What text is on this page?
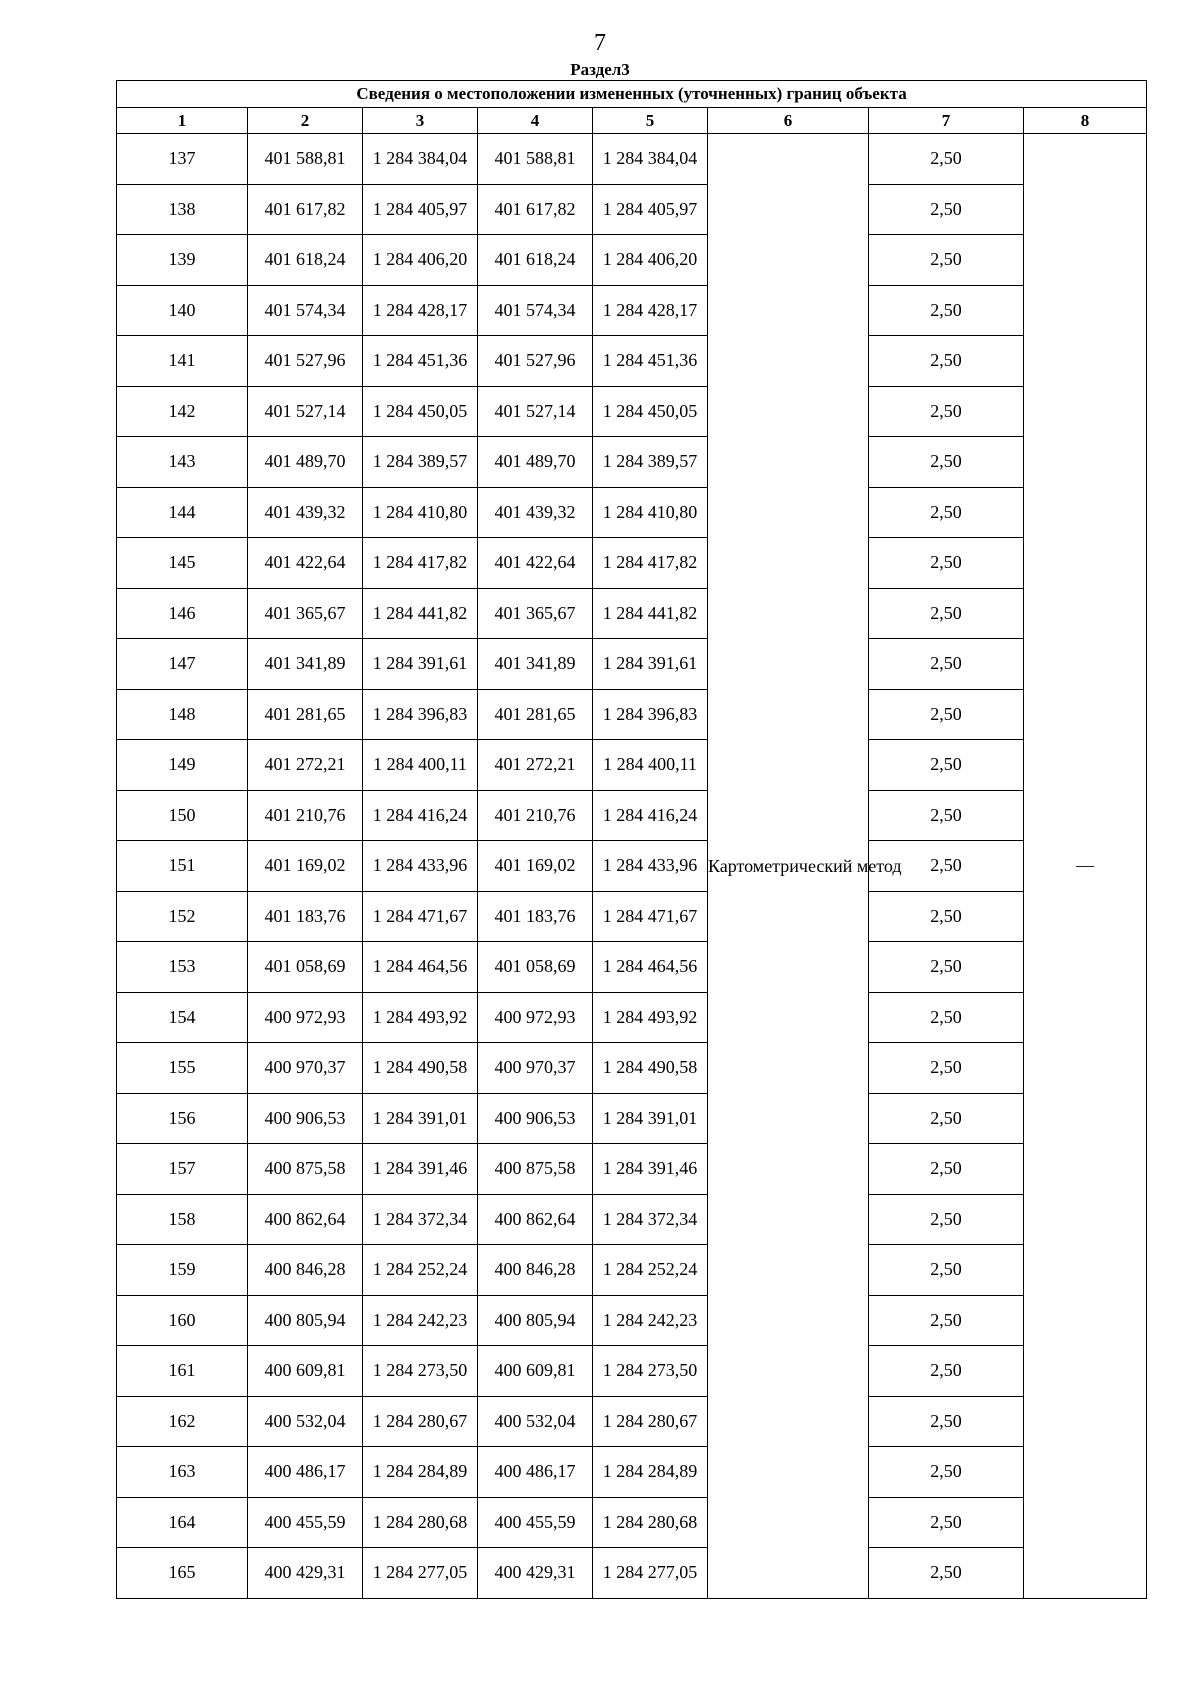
7
Раздел3
Сведения о местоположении измененных (уточненных) границ объекта							
1	2	3	4	5	6	7	8
137	401 588,81	1 284 384,04	401 588,81	1 284 384,04	Картометрический метод	2,50	—
138	401 617,82	1 284 405,97	401 617,82	1 284 405,97		2,50	
139	401 618,24	1 284 406,20	401 618,24	1 284 406,20		2,50	
140	401 574,34	1 284 428,17	401 574,34	1 284 428,17		2,50	
141	401 527,96	1 284 451,36	401 527,96	1 284 451,36		2,50	
142	401 527,14	1 284 450,05	401 527,14	1 284 450,05		2,50	
143	401 489,70	1 284 389,57	401 489,70	1 284 389,57		2,50	
144	401 439,32	1 284 410,80	401 439,32	1 284 410,80		2,50	
145	401 422,64	1 284 417,82	401 422,64	1 284 417,82		2,50	
146	401 365,67	1 284 441,82	401 365,67	1 284 441,82		2,50	
147	401 341,89	1 284 391,61	401 341,89	1 284 391,61		2,50	
148	401 281,65	1 284 396,83	401 281,65	1 284 396,83		2,50	
149	401 272,21	1 284 400,11	401 272,21	1 284 400,11		2,50	
150	401 210,76	1 284 416,24	401 210,76	1 284 416,24		2,50	
151	401 169,02	1 284 433,96	401 169,02	1 284 433,96		2,50	
152	401 183,76	1 284 471,67	401 183,76	1 284 471,67		2,50	
153	401 058,69	1 284 464,56	401 058,69	1 284 464,56		2,50	
154	400 972,93	1 284 493,92	400 972,93	1 284 493,92		2,50	
155	400 970,37	1 284 490,58	400 970,37	1 284 490,58		2,50	
156	400 906,53	1 284 391,01	400 906,53	1 284 391,01		2,50	
157	400 875,58	1 284 391,46	400 875,58	1 284 391,46		2,50	
158	400 862,64	1 284 372,34	400 862,64	1 284 372,34		2,50	
159	400 846,28	1 284 252,24	400 846,28	1 284 252,24		2,50	
160	400 805,94	1 284 242,23	400 805,94	1 284 242,23		2,50	
161	400 609,81	1 284 273,50	400 609,81	1 284 273,50		2,50	
162	400 532,04	1 284 280,67	400 532,04	1 284 280,67		2,50	
163	400 486,17	1 284 284,89	400 486,17	1 284 284,89		2,50	
164	400 455,59	1 284 280,68	400 455,59	1 284 280,68		2,50	
165	400 429,31	1 284 277,05	400 429,31	1 284 277,05		2,50	
